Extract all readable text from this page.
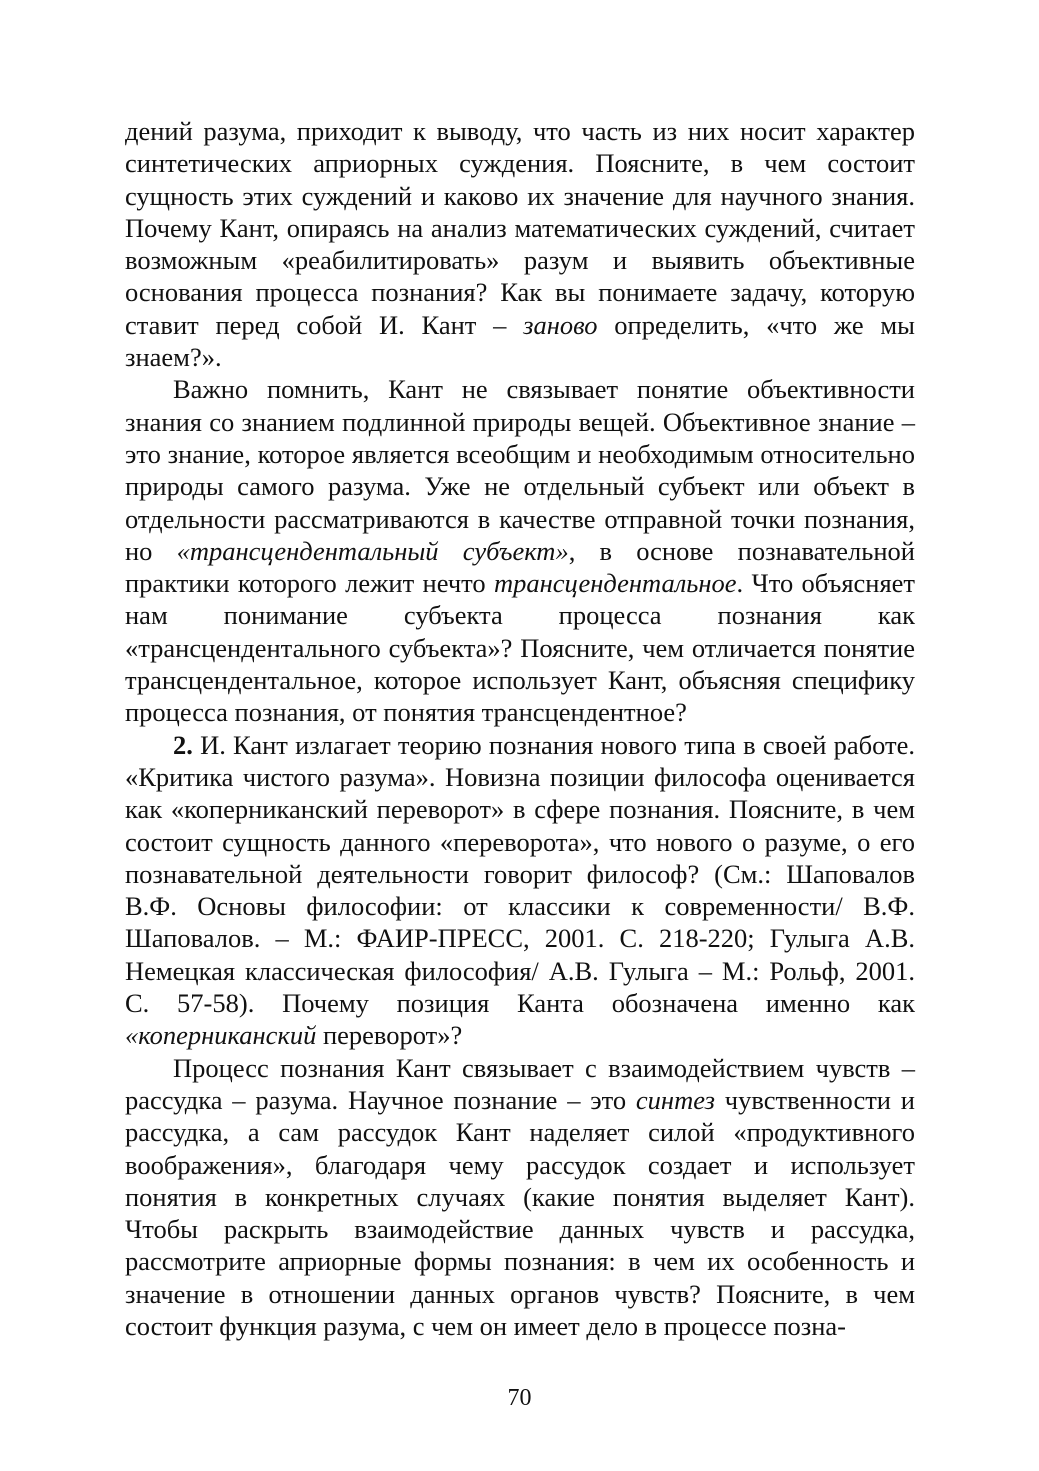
дений разума, приходит к выводу, что часть из них носит характер синтетических априорных суждения. Поясните, в чем состоит сущность этих суждений и каково их значение для научного знания. Почему Кант, опираясь на анализ математических суждений, считает возможным «реабилитировать» разум и выявить объективные основания процесса познания? Как вы понимаете задачу, которую ставит перед собой И. Кант – заново определить, «что же мы знаем?».

Важно помнить, Кант не связывает понятие объективности знания со знанием подлинной природы вещей. Объективное знание – это знание, которое является всеобщим и необходимым относительно природы самого разума. Уже не отдельный субъект или объект в отдельности рассматриваются в качестве отправной точки познания, но «трансцендентальный субъект», в основе познавательной практики которого лежит нечто трансцендентальное. Что объясняет нам понимание субъекта процесса познания как «трансцендентального субъекта»? Поясните, чем отличается понятие трансцендентальное, которое использует Кант, объясняя специфику процесса познания, от понятия трансцендентное?

2. И. Кант излагает теорию познания нового типа в своей работе. «Критика чистого разума». Новизна позиции философа оценивается как «коперниканский переворот» в сфере познания. Поясните, в чем состоит сущность данного «переворота», что нового о разуме, о его познавательной деятельности говорит философ? (См.: Шаповалов В.Ф. Основы философии: от классики к современности/ В.Ф. Шаповалов. – М.: ФАИР-ПРЕСС, 2001. С. 218-220; Гулыга А.В. Немецкая классическая философия/ А.В. Гулыга – М.: Рольф, 2001. С. 57-58). Почему позиция Канта обозначена именно как «коперниканский переворот»?

Процесс познания Кант связывает с взаимодействием чувств – рассудка – разума. Научное познание – это синтез чувственности и рассудка, а сам рассудок Кант наделяет силой «продуктивного воображения», благодаря чему рассудок создает и использует понятия в конкретных случаях (какие понятия выделяет Кант). Чтобы раскрыть взаимодействие данных чувств и рассудка, рассмотрите априорные формы познания: в чем их особенность и значение в отношении данных органов чувств? Поясните, в чем состоит функция разума, с чем он имеет дело в процессе позна-

70
